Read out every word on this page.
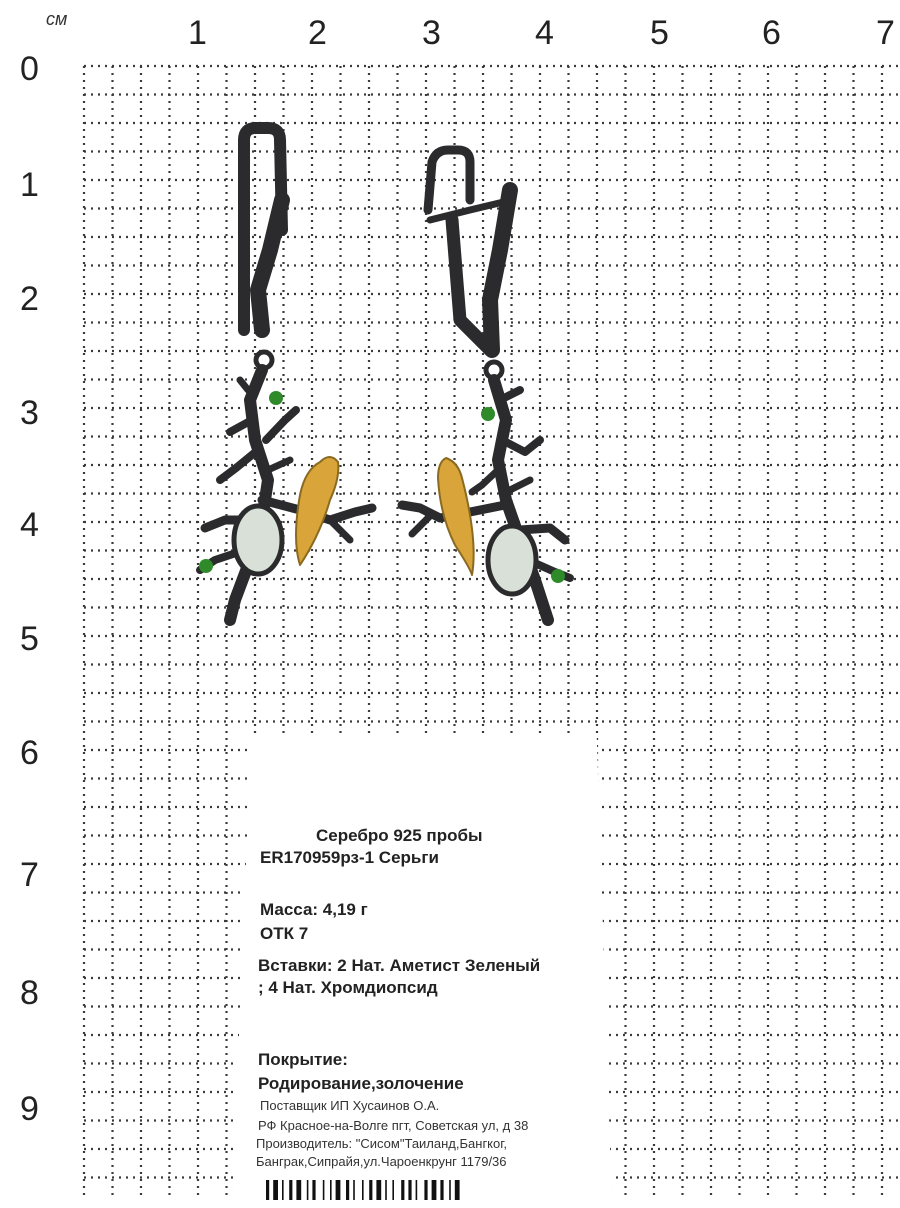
см	1	2	3	4	5	6	7
0
1
2
3
4
5
6
7
8
9
Серебро 925 пробы
ER170959рз-1 Серьги
Масса: 4,19 г
ОТК 7
Вставки: 2 Нат. Аметист Зеленый
; 4 Нат. Хромдиопсид
Покрытие:
Родирование,золочение
Поставщик ИП Хусаинов О.А.
РФ Красное-на-Волге пгт, Советская ул, д 38
Производитель: "Сисом"Таиланд,Бангког,
Банграк,Сипрайя,ул.Чароенкрунг 1179/36
